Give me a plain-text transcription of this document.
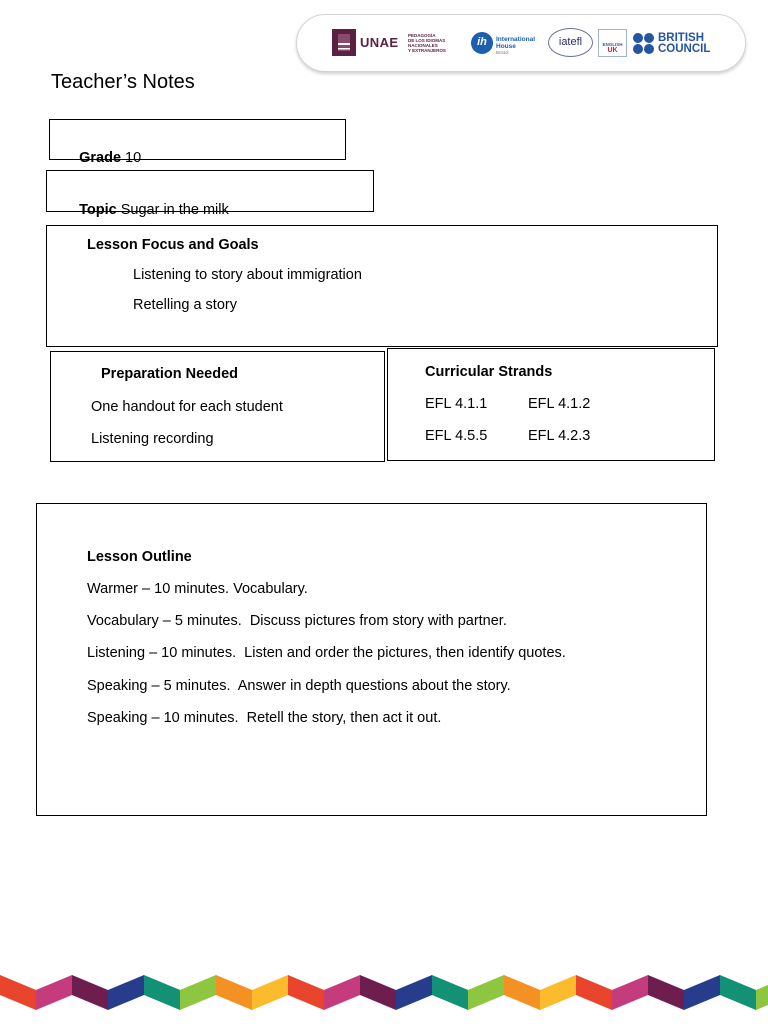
UNAE PEDAGOGÍA
DE LOS IDIOMAS
NACIONALES
Y EXTRANJEROS
ih	International
House
Bristol
iatefl	ENGLISH
UK
BRITISH
COUNCIL
Teacher’s Notes

Grade 10

Topic Sugar in the milk

Lesson Focus and Goals
Listening to story about immigration
Retelling a story
Preparation Needed
One handout for each student
Listening recording
Curricular Strands
EFL 4.1.1	EFL 4.1.2
EFL 4.5.5	EFL 4.2.3
Lesson Outline
Warmer – 10 minutes. Vocabulary.
Vocabulary – 5 minutes.  Discuss pictures from story with partner.
Listening – 10 minutes.  Listen and order the pictures, then identify quotes.
Speaking – 5 minutes.  Answer in depth questions about the story.
Speaking – 10 minutes.  Retell the story, then act it out.
